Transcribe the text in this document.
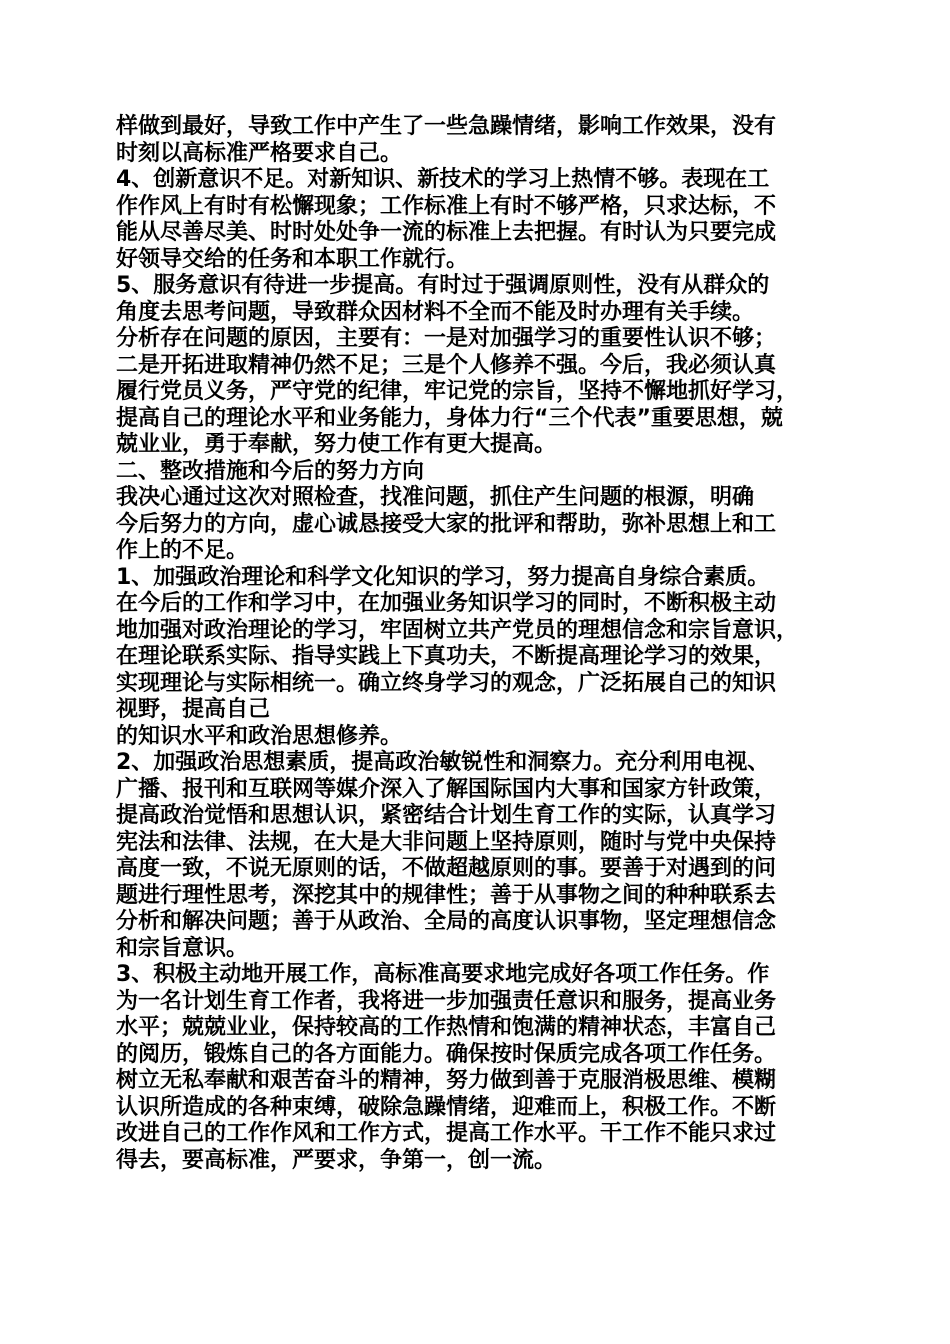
样做到最好，导致工作中产生了一些急躁情绪，影响工作效果，没有
时刻以高标准严格要求自己。
4、创新意识不足。对新知识、新技术的学习上热情不够。表现在工
作作风上有时有松懈现象；工作标准上有时不够严格，只求达标，不
能从尽善尽美、时时处处争一流的标准上去把握。有时认为只要完成
好领导交给的任务和本职工作就行。
5、服务意识有待进一步提高。有时过于强调原则性，没有从群众的
角度去思考问题，导致群众因材料不全而不能及时办理有关手续。
分析存在问题的原因，主要有：一是对加强学习的重要性认识不够；
二是开拓进取精神仍然不足；三是个人修养不强。今后，我必须认真
履行党员义务，严守党的纪律，牢记党的宗旨，坚持不懈地抓好学习，
提高自己的理论水平和业务能力，身体力行“三个代表”重要思想，兢
兢业业，勇于奉献，努力使工作有更大提高。
二、整改措施和今后的努力方向
我决心通过这次对照检查，找准问题，抓住产生问题的根源，明确
今后努力的方向，虚心诚恳接受大家的批评和帮助，弥补思想上和工
作上的不足。
1、加强政治理论和科学文化知识的学习，努力提高自身综合素质。
在今后的工作和学习中，在加强业务知识学习的同时，不断积极主动
地加强对政治理论的学习，牢固树立共产党员的理想信念和宗旨意识，
在理论联系实际、指导实践上下真功夫，不断提高理论学习的效果，
实现理论与实际相统一。确立终身学习的观念，广泛拓展自己的知识
视野，提高自己
的知识水平和政治思想修养。
2、加强政治思想素质，提高政治敏锐性和洞察力。充分利用电视、
广播、报刊和互联网等媒介深入了解国际国内大事和国家方针政策，
提高政治觉悟和思想认识，紧密结合计划生育工作的实际，认真学习
宪法和法律、法规，在大是大非问题上坚持原则，随时与党中央保持
高度一致，不说无原则的话，不做超越原则的事。要善于对遇到的问
题进行理性思考，深挖其中的规律性；善于从事物之间的种种联系去
分析和解决问题；善于从政治、全局的高度认识事物，坚定理想信念
和宗旨意识。
3、积极主动地开展工作，高标准高要求地完成好各项工作任务。作
为一名计划生育工作者，我将进一步加强责任意识和服务，提高业务
水平；兢兢业业，保持较高的工作热情和饱满的精神状态，丰富自己
的阅历，锻炼自己的各方面能力。确保按时保质完成各项工作任务。
树立无私奉献和艰苦奋斗的精神，努力做到善于克服消极思维、模糊
认识所造成的各种束缚，破除急躁情绪，迎难而上，积极工作。不断
改进自己的工作作风和工作方式，提高工作水平。干工作不能只求过
得去，要高标准，严要求，争第一，创一流。
